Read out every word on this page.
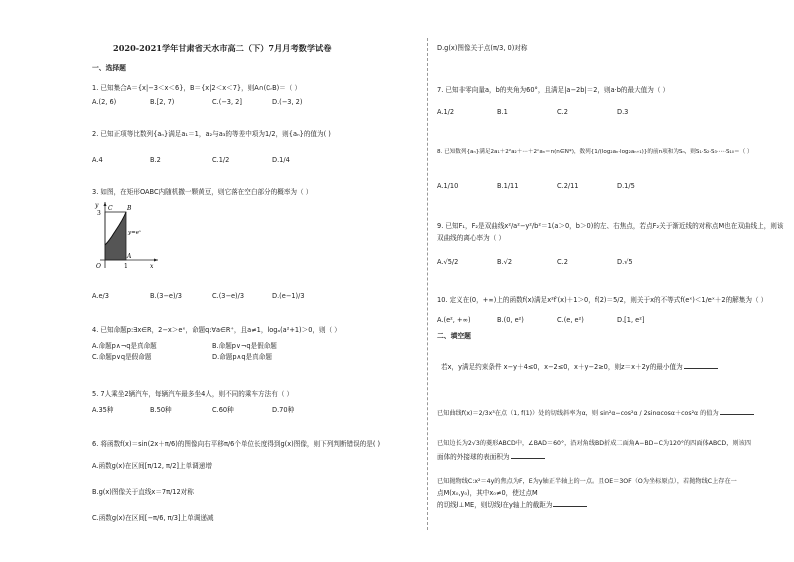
2020-2021学年甘肃省天水市高二（下）7月月考数学试卷
一、选择题
1. 已知集合A＝{x|−3＜x＜6}，B＝{x|2＜x＜7}，则A∩(∁ᵣB)＝（ ）
A.(2, 6)	B.[2, 7)	C.(−3, 2]	D.(−3, 2)
2. 已知正项等比数列{aₙ}满足a₁＝1，a₂与a₃的等差中项为1/2，则{aₙ}的值为( )
A.4	B.2	C.1/2	D.1/4
3. 如图，在矩形OABC内随机撒一颗黄豆，则它落在空白部分的概率为（ ）
y
x
O	1
3
A
B
C
y=eˣ
A.e/3	B.(3−e)/3	C.(3−e)/3	D.(e−1)/3
4. 已知命题p:∃x∈R，2−x＞eˣ，命题q:∀a∈R⁺，且a≠1，logₐ(a²+1)＞0，则（ ）
A.命题p∧¬q是真命题	B.命题p∨¬q是假命题
C.命题p∨q是假命题	D.命题p∧q是真命题
5. 7人乘坐2辆汽车，每辆汽车最多坐4人，则不同的乘车方法有（ ）
A.35种	B.50种	C.60种	D.70种
6. 将函数f(x)＝sin(2x＋π/6)的图像向右平移π/6个单位长度得到g(x)图像，则下列判断错误的是( )
A.函数g(x)在区间[π/12, π/2]上单调递增
B.g(x)图像关于直线x＝7π/12对称
C.函数g(x)在区间[−π/6, π/3]上单调递减
D.g(x)图像关于点(π/3, 0)对称
7. 已知非零向量a，b的夹角为60°，且满足|a−2b|＝2，则a·b的最大值为（ ）
A.1/2	B.1	C.2	D.3
8. 已知数列{aₙ}满足2a₁＋2²a₂＋⋯＋2ⁿaₙ＝n(n∈N*)，数列{1/(log₂aₙ·log₂aₙ₊₁)}的前n项和为Sₙ，则S₁·S₂·S₃·⋯·S₁₀＝（ ）
A.1/10	B.1/11	C.2/11	D.1/5
9. 已知F₁，F₂是双曲线x²/a²−y²/b²＝1(a＞0，b＞0)的左、右焦点，若点F₂关于渐近线的对称点M也在双曲线上，则该
双曲线的离心率为（ ）
A.√5/2	B.√2	C.2	D.√5
10. 定义在(0，+∞)上的函数f(x)满足x²f′(x)＋1＞0，f(2)＝5/2，则关于x的不等式f(eˣ)＜1/eˣ＋2的解集为（ ）
A.(e², +∞)	B.(0, e²)	C.(e, e²)	D.[1, e²]
二、填空题
若x，y满足约束条件 x−y＋4≤0，x−2≤0，x＋y−2≥0，则z＝x＋2y的最小值为
已知曲线f(x)＝2/3x³在点（1, f(1)）处的切线斜率为α，则 sin²α−cos²α / 2sinαcosα＋cos²α 的值为
已知边长为2√3的菱形ABCD中，∠BAD＝60°，沿对角线BD折成二面角A−BD−C为120°的四面体ABCD，则该四
面体的外接球的表面积为
已知抛物线C:x²＝4y的焦点为F，E为y轴正半轴上的一点。且OE＝3OF（O为坐标原点），若抛物线C上存在一
点M(x₀,y₀)，其中x₀≠0，使过点M
的切线l⊥ME，则切线l在y轴上的截距为
